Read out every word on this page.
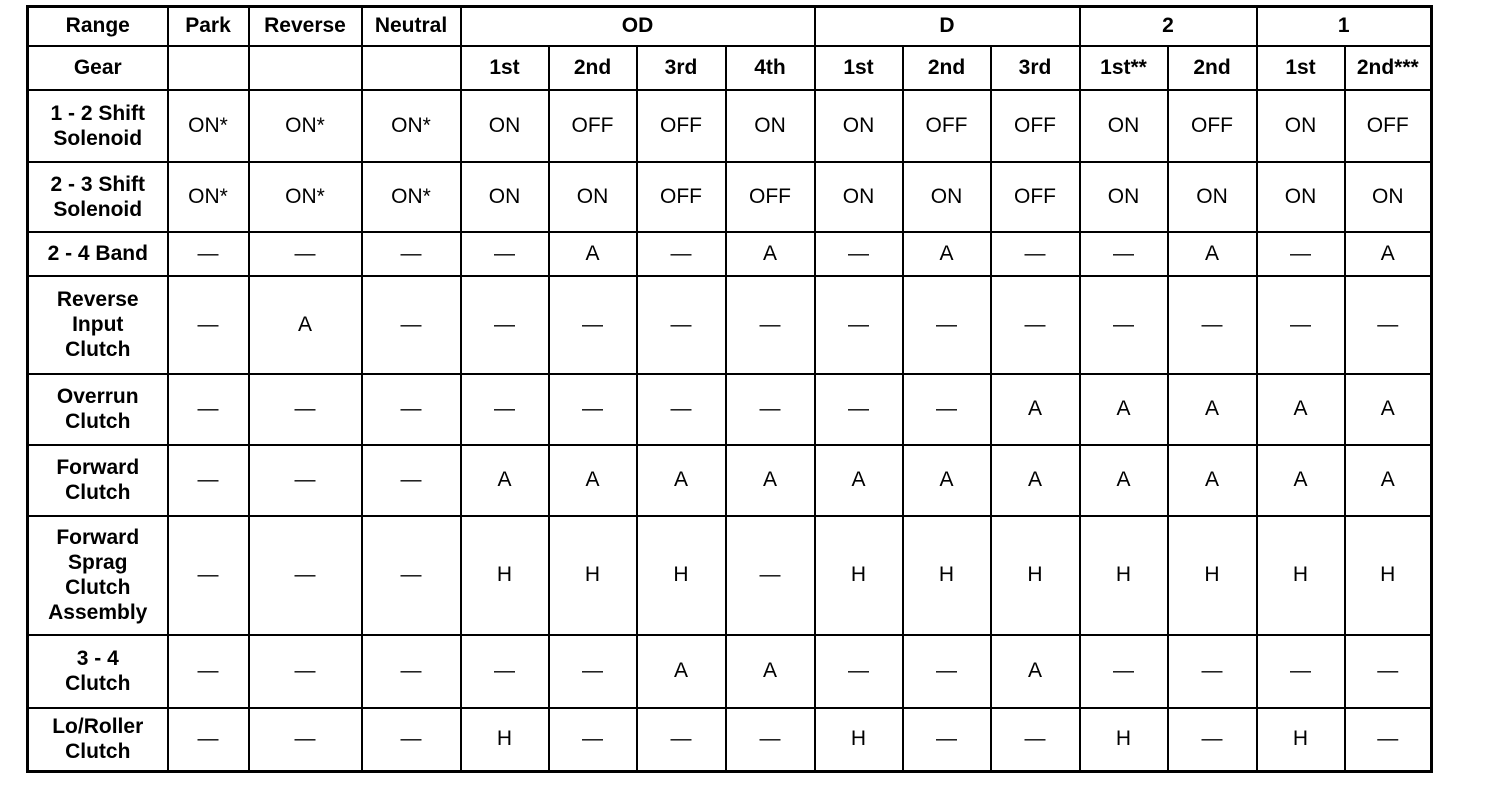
Range	Park	Reverse	Neutral	OD				D			2		1	
Gear				1st	2nd	3rd	4th	1st	2nd	3rd	1st**	2nd	1st	2nd***
1 - 2 Shift
Solenoid	ON*	ON*	ON*	ON	OFF	OFF	ON	ON	OFF	OFF	ON	OFF	ON	OFF
2 - 3 Shift
Solenoid	ON*	ON*	ON*	ON	ON	OFF	OFF	ON	ON	OFF	ON	ON	ON	ON
2 - 4 Band	—	—	—	—	A	—	A	—	A	—	—	A	—	A
Reverse
Input
Clutch	—	A	—	—	—	—	—	—	—	—	—	—	—	—
Overrun
Clutch	—	—	—	—	—	—	—	—	—	A	A	A	A	A
Forward
Clutch	—	—	—	A	A	A	A	A	A	A	A	A	A	A
Forward
Sprag
Clutch
Assembly	—	—	—	H	H	H	—	H	H	H	H	H	H	H
3 - 4
Clutch	—	—	—	—	—	A	A	—	—	A	—	—	—	—
Lo/Roller
Clutch	—	—	—	H	—	—	—	H	—	—	H	—	H	—
